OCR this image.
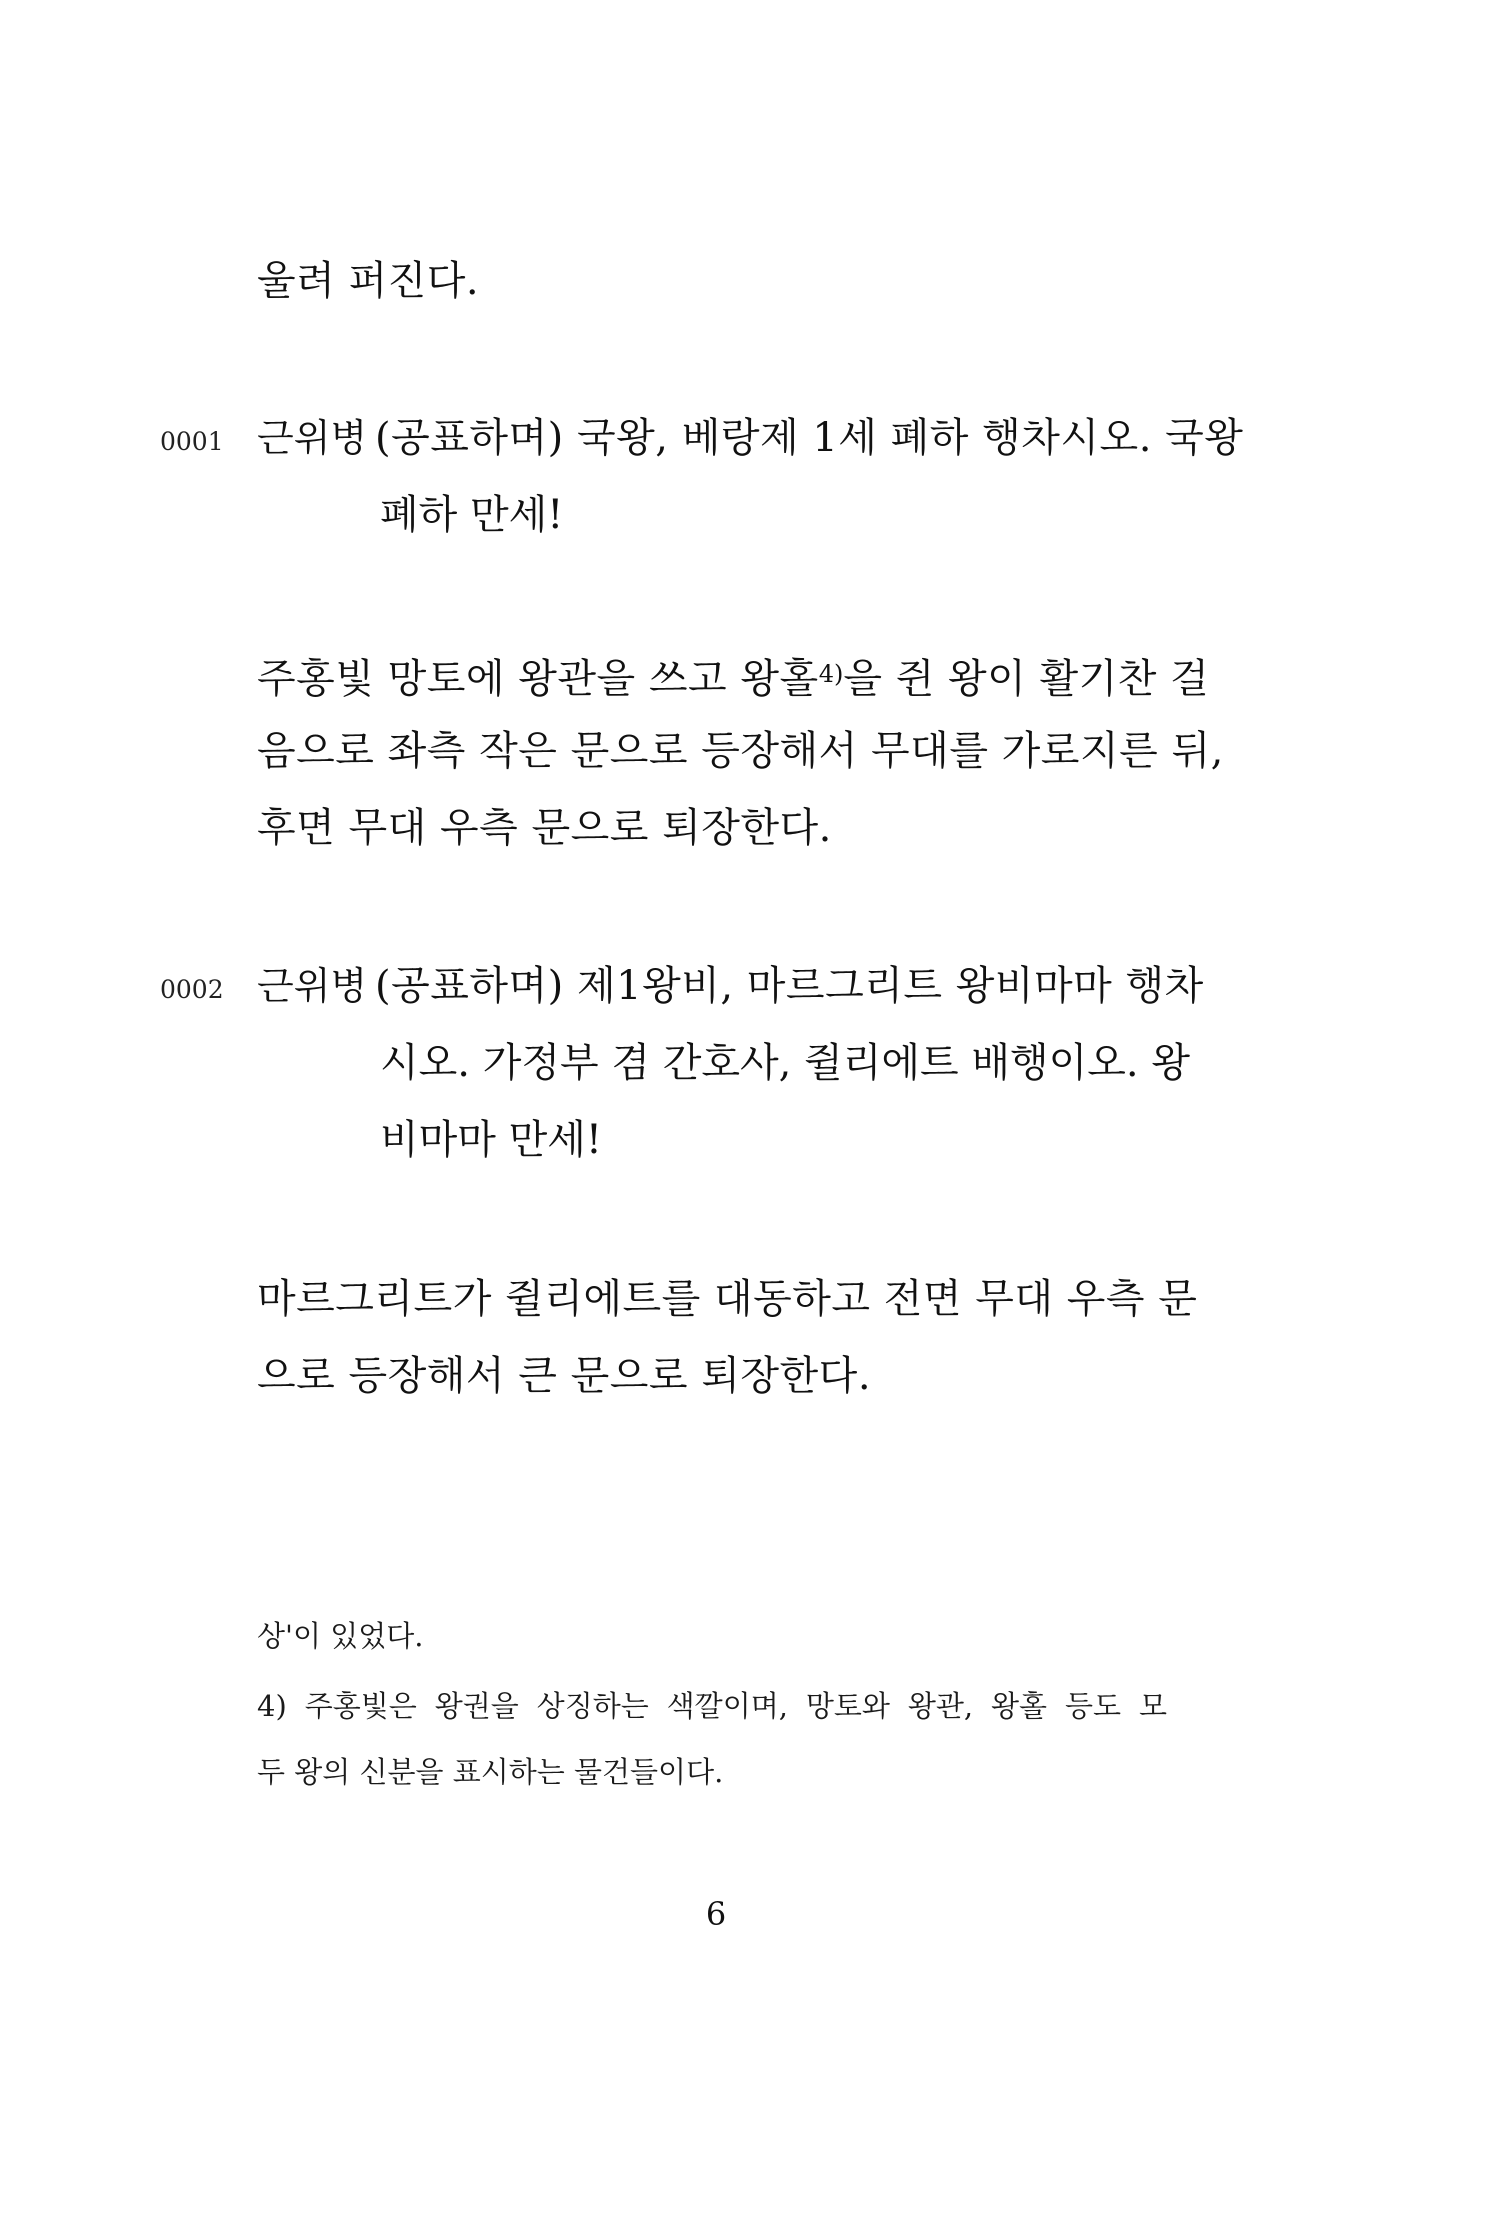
울려 퍼진다.
0001 근위병 (공표하며) 국왕, 베랑제 1세 폐하 행차시오. 국왕
폐하 만세!
주홍빛 망토에 왕관을 쓰고 왕홀$^{4)}$을 쥔 왕이 활기찬 걸
음으로 좌측 작은 문으로 등장해서 무대를 가로지른 뒤,
후면 무대 우측 문으로 퇴장한다.
0002 근위병 (공표하며) 제1왕비, 마르그리트 왕비마마 행차
시오. 가정부 겸 간호사, 쥘리에트 배행이오. 왕
비마마 만세!
마르그리트가 쥘리에트를 대동하고 전면 무대 우측 문
으로 등장해서 큰 문으로 퇴장한다.
상'이 있었다.
4) 주홍빛은 왕권을 상징하는 색깔이며, 망토와 왕관, 왕홀 등도 모
두 왕의 신분을 표시하는 물건들이다.
6
